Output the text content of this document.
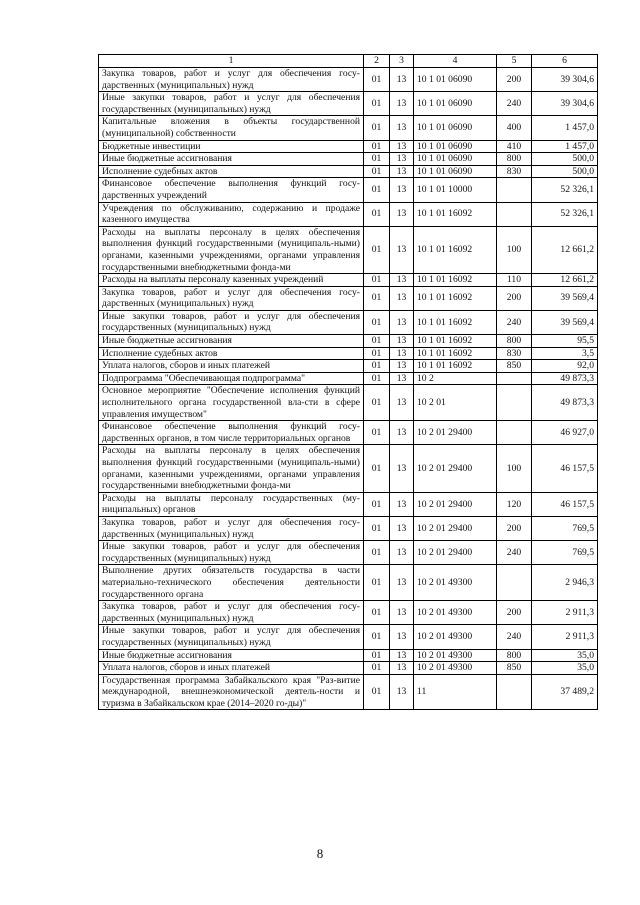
1	2	3	4	5	6
Закупка товаров, работ и услуг для обеспечения госу-дарственных (муниципальных) нужд	01	13	10 1 01 06090	200	39 304,6
Иные закупки товаров, работ и услуг для обеспечения государственных (муниципальных) нужд	01	13	10 1 01 06090	240	39 304,6
Капитальные вложения в объекты государственной (муниципальной) собственности	01	13	10 1 01 06090	400	1 457,0
Бюджетные инвестиции	01	13	10 1 01 06090	410	1 457,0
Иные бюджетные ассигнования	01	13	10 1 01 06090	800	500,0
Исполнение судебных актов	01	13	10 1 01 06090	830	500,0
Финансовое обеспечение выполнения функций госу-дарственных учреждений	01	13	10 1 01 10000		52 326,1
Учреждения по обслуживанию, содержанию и продаже казенного имущества	01	13	10 1 01 16092		52 326,1
Расходы на выплаты персоналу в целях обеспечения выполнения функций государственными (муниципаль-ными) органами, казенными учреждениями, органами управления государственными внебюджетными фонда-ми	01	13	10 1 01 16092	100	12 661,2
Расходы на выплаты персоналу казенных учреждений	01	13	10 1 01 16092	110	12 661,2
Закупка товаров, работ и услуг для обеспечения госу-дарственных (муниципальных) нужд	01	13	10 1 01 16092	200	39 569,4
Иные закупки товаров, работ и услуг для обеспечения государственных (муниципальных) нужд	01	13	10 1 01 16092	240	39 569,4
Иные бюджетные ассигнования	01	13	10 1 01 16092	800	95,5
Исполнение судебных актов	01	13	10 1 01 16092	830	3,5
Уплата налогов, сборов и иных платежей	01	13	10 1 01 16092	850	92,0
Подпрограмма "Обеспечивающая подпрограмма"	01	13	10 2		49 873,3
Основное мероприятие "Обеспечение исполнения функций исполнительного органа государственной вла-сти в сфере управления имуществом"	01	13	10 2 01		49 873,3
Финансовое обеспечение выполнения функций госу-дарственных органов, в том числе территориальных органов	01	13	10 2 01 29400		46 927,0
Расходы на выплаты персоналу в целях обеспечения выполнения функций государственными (муниципаль-ными) органами, казенными учреждениями, органами управления государственными внебюджетными фонда-ми	01	13	10 2 01 29400	100	46 157,5
Расходы на выплаты персоналу государственных (му-ниципальных) органов	01	13	10 2 01 29400	120	46 157,5
Закупка товаров, работ и услуг для обеспечения госу-дарственных (муниципальных) нужд	01	13	10 2 01 29400	200	769,5
Иные закупки товаров, работ и услуг для обеспечения государственных (муниципальных) нужд	01	13	10 2 01 29400	240	769,5
Выполнение других обязательств государства в части материально-технического обеспечения деятельности государственного органа	01	13	10 2 01 49300		2 946,3
Закупка товаров, работ и услуг для обеспечения госу-дарственных (муниципальных) нужд	01	13	10 2 01 49300	200	2 911,3
Иные закупки товаров, работ и услуг для обеспечения государственных (муниципальных) нужд	01	13	10 2 01 49300	240	2 911,3
Иные бюджетные ассигнования	01	13	10 2 01 49300	800	35,0
Уплата налогов, сборов и иных платежей	01	13	10 2 01 49300	850	35,0
Государственная программа Забайкальского края "Раз-витие международной, внешнеэкономической деятель-ности и туризма в Забайкальском крае (2014–2020 го-ды)"	01	13	11		37 489,2
8
